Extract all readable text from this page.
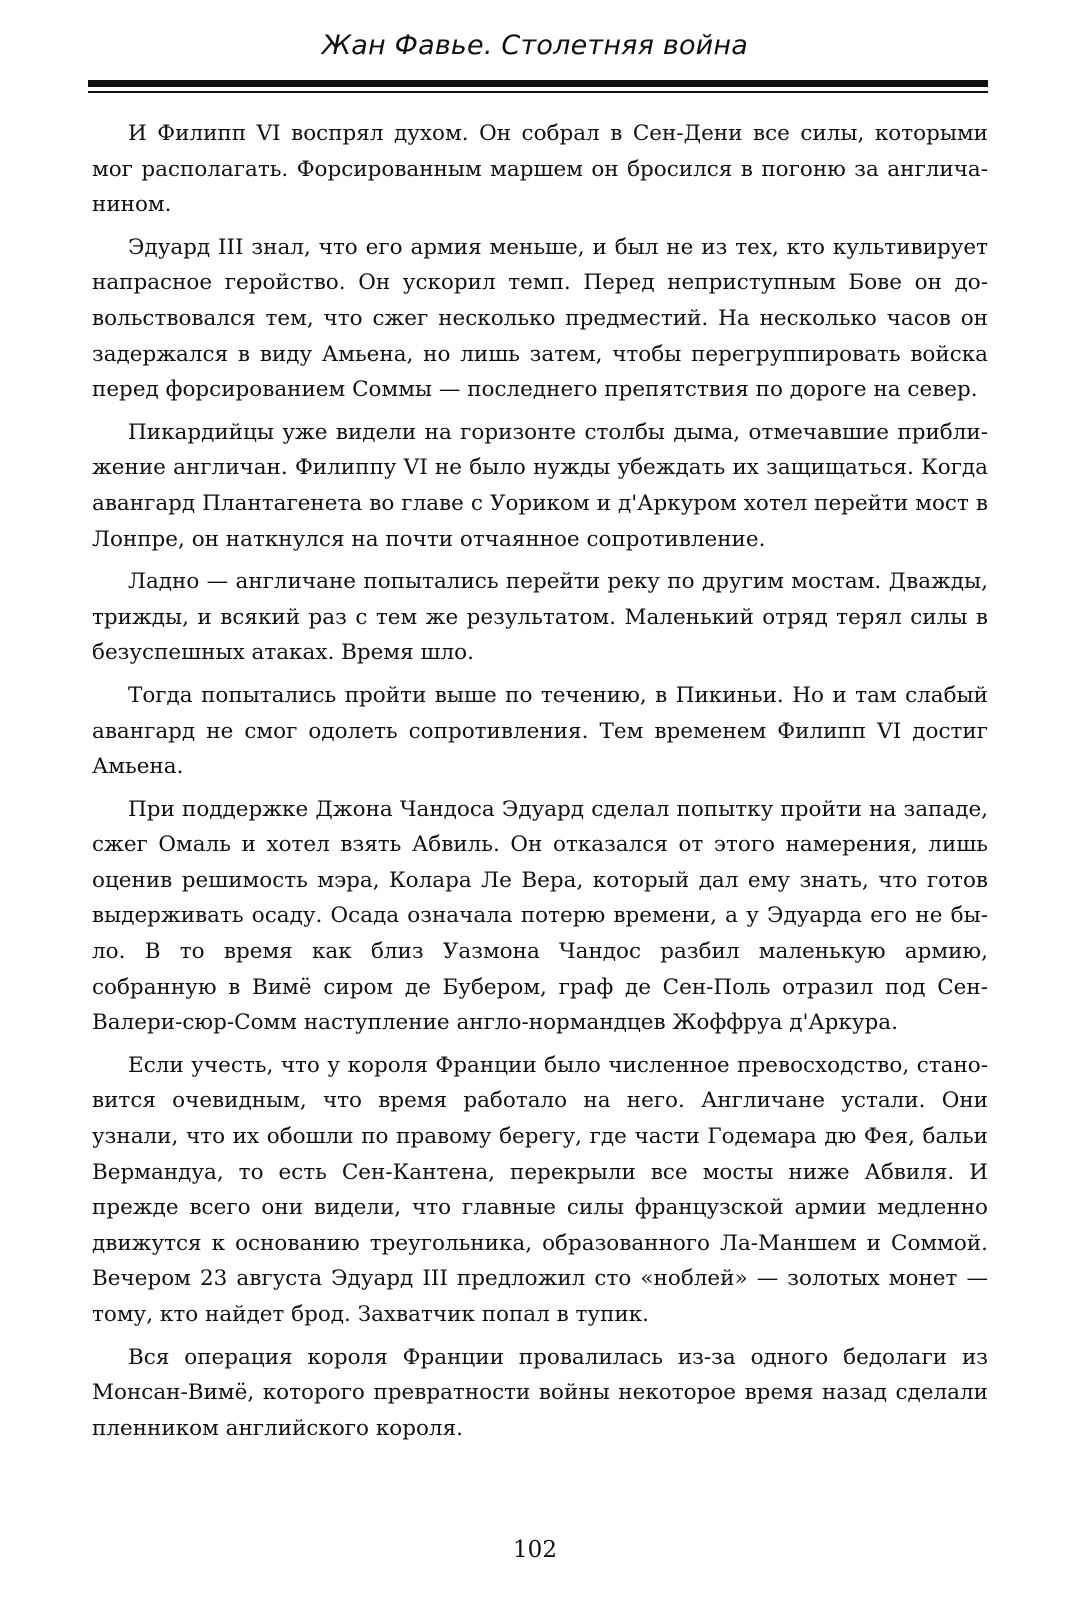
Жан Фавье. Столетняя война

И Филипп VI воспрял духом. Он собрал в Сен-Дени все силы, которыми мог располагать. Форсированным маршем он бросился в погоню за англичанином.

Эдуард III знал, что его армия меньше, и был не из тех, кто культивирует напрасное геройство. Он ускорил темп. Перед неприступным Бове он довольствовался тем, что сжег несколько предместий. На несколько часов он задержался в виду Амьена, но лишь затем, чтобы перегруппировать войска перед форсированием Соммы — последнего препятствия по дороге на север.

Пикардийцы уже видели на горизонте столбы дыма, отмечавшие приближение англичан. Филиппу VI не было нужды убеждать их защищаться. Когда авангард Плантагенета во главе с Уориком и д'Аркуром хотел перейти мост в Лонпре, он наткнулся на почти отчаянное сопротивление.

Ладно — англичане попытались перейти реку по другим мостам. Дважды, трижды, и всякий раз с тем же результатом. Маленький отряд терял силы в безуспешных атаках. Время шло.

Тогда попытались пройти выше по течению, в Пикиньи. Но и там слабый авангард не смог одолеть сопротивления. Тем временем Филипп VI достиг Амьена.

При поддержке Джона Чандоса Эдуард сделал попытку пройти на западе, сжег Омаль и хотел взять Абвиль. Он отказался от этого намерения, лишь оценив решимость мэра, Колара Ле Вера, который дал ему знать, что готов выдерживать осаду. Осада означала потерю времени, а у Эдуарда его не было. В то время как близ Уазмона Чандос разбил маленькую армию, собранную в Вимё сиром де Бубером, граф де Сен-Поль отразил под Сен-Валери-сюр-Сомм наступление англо-нормандцев Жоффруа д'Аркура.

Если учесть, что у короля Франции было численное превосходство, становится очевидным, что время работало на него. Англичане устали. Они узнали, что их обошли по правому берегу, где части Годемара дю Фея, бальи Вермандуа, то есть Сен-Кантена, перекрыли все мосты ниже Абвиля. И прежде всего они видели, что главные силы французской армии медленно движутся к основанию треугольника, образованного Ла-Маншем и Соммой. Вечером 23 августа Эдуард III предложил сто «ноблей» — золотых монет — тому, кто найдет брод. Захватчик попал в тупик.

Вся операция короля Франции провалилась из-за одного бедолаги из Монсан-Вимё, которого превратности войны некоторое время назад сделали пленником английского короля.

102
